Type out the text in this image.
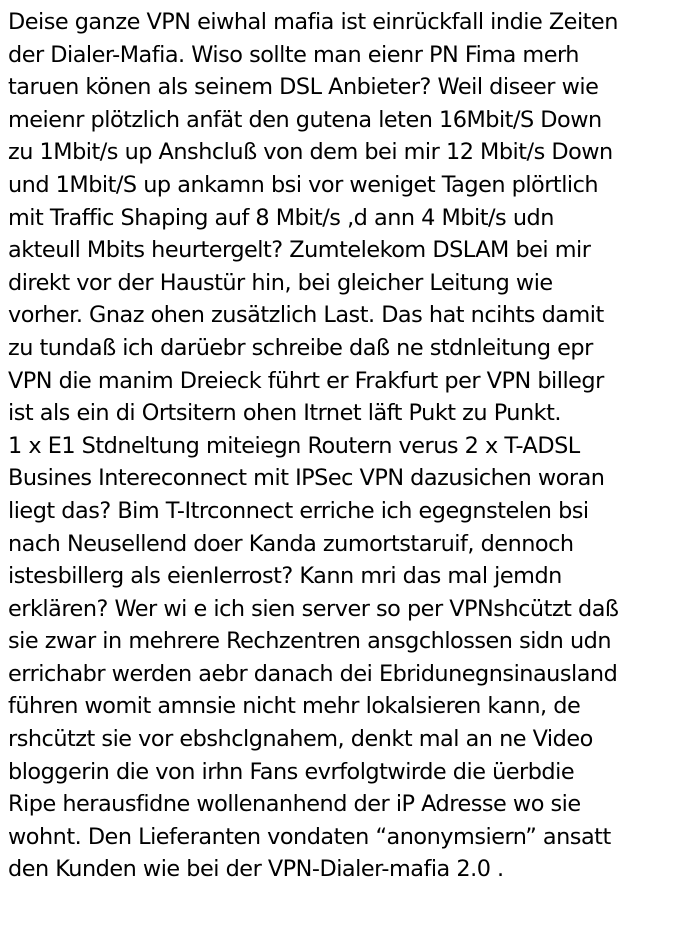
Deise ganze VPN eiwhal mafia ist einrückfall indie Zeiten
der Dialer-Mafia. Wiso sollte man eienr PN Fima merh
taruen könen als seinem DSL Anbieter? Weil diseer wie
meienr plötzlich anfät den gutena leten 16Mbit/S Down
zu 1Mbit/s up Anshcluß von dem bei mir 12 Mbit/s Down
und 1Mbit/S up ankamn bsi vor weniget Tagen plörtlich
mit Traffic Shaping auf 8 Mbit/s ,d ann 4 Mbit/s udn
akteull Mbits heurtergelt? Zumtelekom DSLAM bei mir
direkt vor der Haustür hin, bei gleicher Leitung wie
vorher. Gnaz ohen zusätzlich Last. Das hat ncihts damit
zu tundaß ich darüebr schreibe daß ne stdnleitung epr
VPN die manim Dreieck führt er Frakfurt per VPN billegr
ist als ein di Ortsitern ohen Itrnet läft Pukt zu Punkt.
1 x E1 Stdneltung miteiegn Routern verus 2 x T-ADSL
Busines Intereconnect mit IPSec VPN dazusichen woran
liegt das? Bim T-Itrconnect erriche ich egegnstelen bsi
nach Neusellend doer Kanda zumortstaruif, dennoch
istesbillerg als eienIerrost? Kann mri das mal jemdn
erklären? Wer wi e ich sien server so per VPNshcützt daß
sie zwar in mehrere Rechzentren ansgchlossen sidn udn
errichabr werden aebr danach dei Ebridunegnsinausland
führen womit amnsie nicht mehr lokalsieren kann, de
rshcützt sie vor ebshclgnahem, denkt mal an ne Video
bloggerin die von irhn Fans evrfolgtwirde die üerbdie
Ripe herausfidne wollenanhend der iP Adresse wo sie
wohnt. Den Lieferanten vondaten “anonymsiern” ansatt
den Kunden wie bei der VPN-Dialer-mafia 2.0 .
